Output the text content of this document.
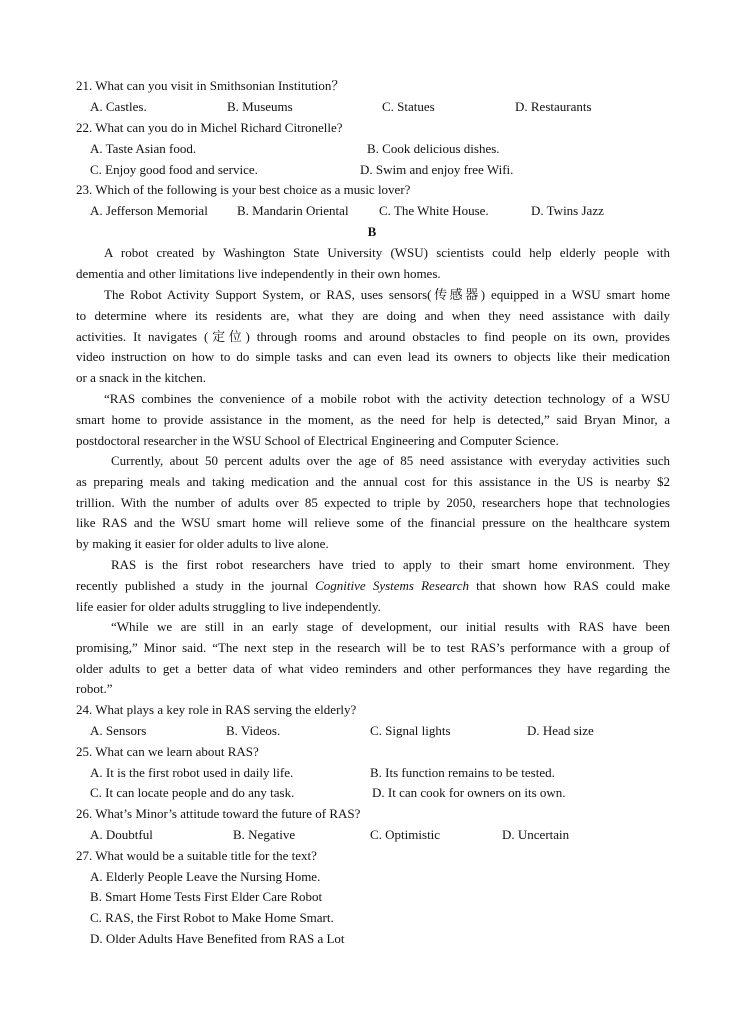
21. What can you visit in Smithsonian Institution？
A. Castles.	B. Museums	C. Statues	D. Restaurants
22. What can you do in Michel Richard Citronelle?
A. Taste Asian food.	B. Cook delicious dishes.
C. Enjoy good food and service.	D. Swim and enjoy free Wifi.
23. Which of the following is your best choice as a music lover?
A. Jefferson Memorial B. Mandarin Oriental C. The White House.	D. Twins Jazz
B
A robot created by Washington State University (WSU) scientists could help elderly people with
dementia and other limitations live independently in their own homes.
The Robot Activity Support System, or RAS, uses sensors(传感器) equipped in a WSU smart home
to determine where its residents are, what they are doing and when they need assistance with daily
activities. It navigates (定位) through rooms and around obstacles to find people on its own, provides
video instruction on how to do simple tasks and can even lead its owners to objects like their medication
or a snack in the kitchen.
“RAS combines the convenience of a mobile robot with the activity detection technology of a WSU
smart home to provide assistance in the moment, as the need for help is detected,” said Bryan Minor, a
postdoctoral researcher in the WSU School of Electrical Engineering and Computer Science.
Currently, about 50 percent adults over the age of 85 need assistance with everyday activities such
as preparing meals and taking medication and the annual cost for this assistance in the US is nearby $2
trillion. With the number of adults over 85 expected to triple by 2050, researchers hope that technologies
like RAS and the WSU smart home will relieve some of the financial pressure on the healthcare system
by making it easier for older adults to live alone.
RAS is the first robot researchers have tried to apply to their smart home environment. They
recently published a study in the journal Cognitive Systems Research that shown how RAS could make
life easier for older adults struggling to live independently.
“While we are still in an early stage of development, our initial results with RAS have been
promising,” Minor said. “The next step in the research will be to test RAS’s performance with a group of
older adults to get a better data of what video reminders and other performances they have regarding the
robot.”
24. What plays a key role in RAS serving the elderly?
A. Sensors	B. Videos.	C. Signal lights	D. Head size
25. What can we learn about RAS?
A. It is the first robot used in daily life.	B. Its function remains to be tested.
C. It can locate people and do any task.	D. It can cook for owners on its own.
26. What’s Minor’s attitude toward the future of RAS?
A. Doubtful	B. Negative	C. Optimistic	D. Uncertain
27. What would be a suitable title for the text?
A. Elderly People Leave the Nursing Home.
B. Smart Home Tests First Elder Care Robot
C. RAS, the First Robot to Make Home Smart.
D. Older Adults Have Benefited from RAS a Lot
